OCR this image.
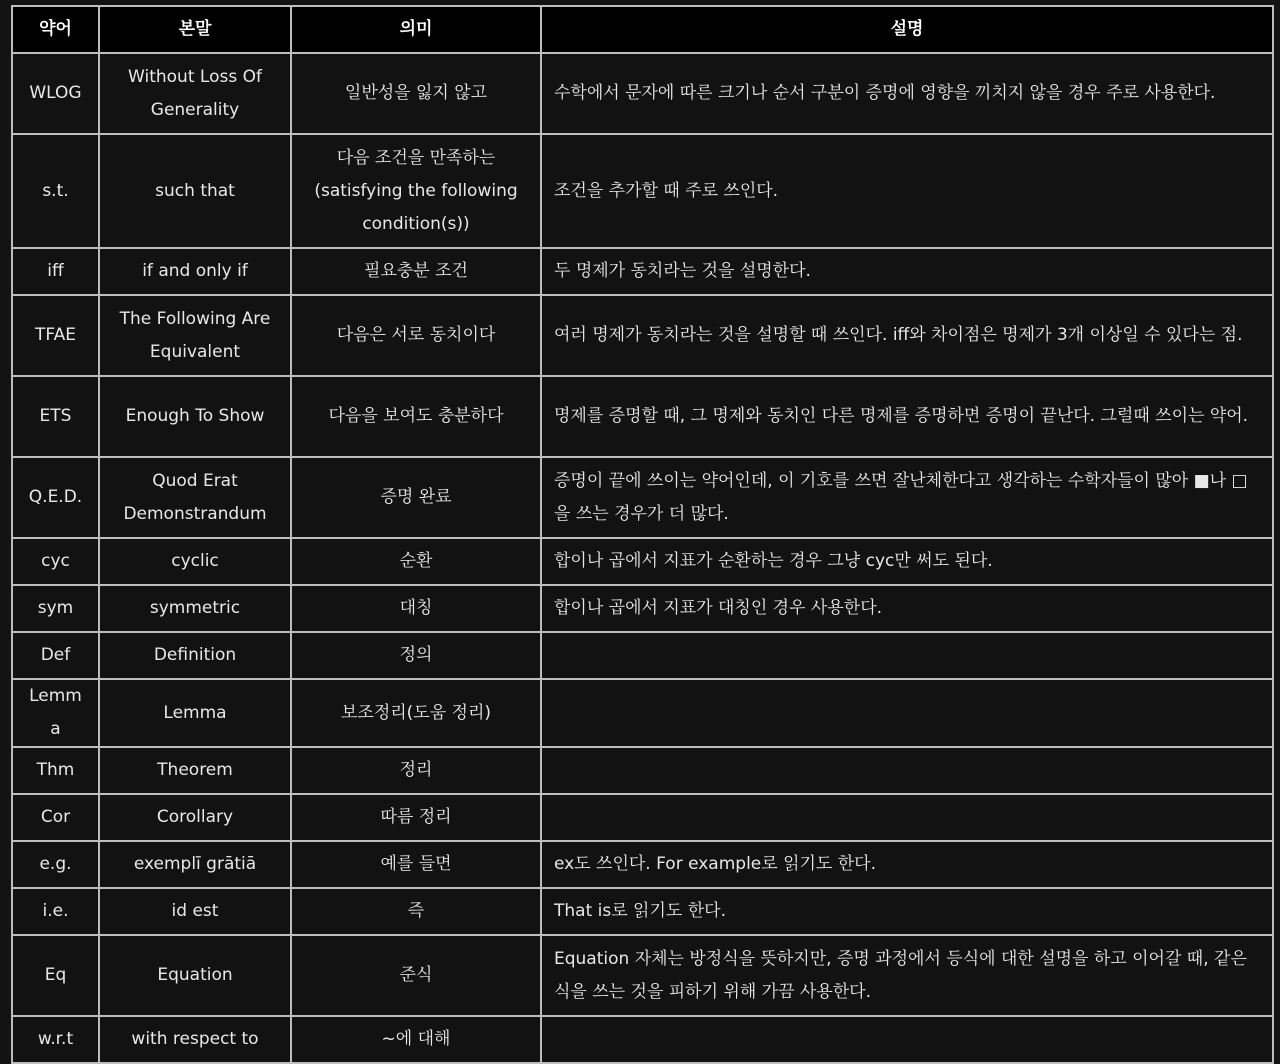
약어	본말	의미	설명
WLOG	Without Loss Of Generality	일반성을 잃지 않고	수학에서 문자에 따른 크기나 순서 구분이 증명에 영향을 끼치지 않을 경우 주로 사용한다.
s.t.	such that	다음 조건을 만족하는 (satisfying the following condition(s))	조건을 추가할 때 주로 쓰인다.
iff	if and only if	필요충분 조건	두 명제가 동치라는 것을 설명한다.
TFAE	The Following Are Equivalent	다음은 서로 동치이다	여러 명제가 동치라는 것을 설명할 때 쓰인다. iff와 차이점은 명제가 3개 이상일 수 있다는 점.
ETS	Enough To Show	다음을 보여도 충분하다	명제를 증명할 때, 그 명제와 동치인 다른 명제를 증명하면 증명이 끝난다. 그럴때 쓰이는 약어.
Q.E.D.	Quod Erat Demonstrandum	증명 완료	증명이 끝에 쓰이는 약어인데, 이 기호를 쓰면 잘난체한다고 생각하는 수학자들이 많아 ■나 □을 쓰는 경우가 더 많다.
cyc	cyclic	순환	합이나 곱에서 지표가 순환하는 경우 그냥 cyc만 써도 된다.
sym	symmetric	대칭	합이나 곱에서 지표가 대칭인 경우 사용한다.
Def	Definition	정의	
Lemma	Lemma	보조정리(도움 정리)	
Thm	Theorem	정리	
Cor	Corollary	따름 정리	
e.g.	exemplī grātiā	예를 들면	ex도 쓰인다. For example로 읽기도 한다.
i.e.	id est	즉	That is로 읽기도 한다.
Eq	Equation	준식	Equation 자체는 방정식을 뜻하지만, 증명 과정에서 등식에 대한 설명을 하고 이어갈 때, 같은 식을 쓰는 것을 피하기 위해 가끔 사용한다.
w.r.t	with respect to	~에 대해	
